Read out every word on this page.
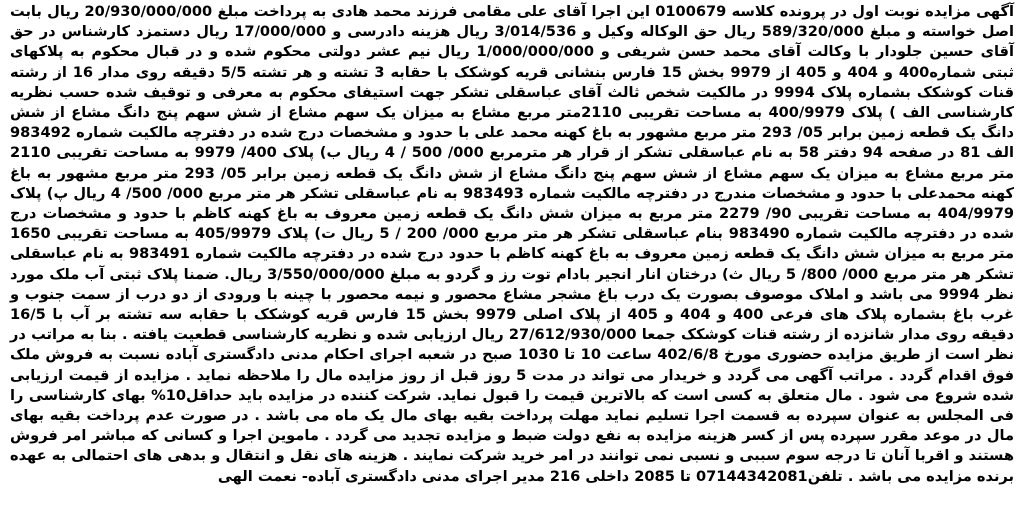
آگهی مزایده نوبت اول در پرونده کلاسه 0100679 این اجرا آقای علی مقامی فرزند محمد هادی به پرداخت مبلغ 20/930/000/000 ریال بابت اصل خواسته و مبلغ 589/320/000 ریال حق الوکاله وکیل و 3/014/536 ریال هزینه دادرسی و 17/000/000 ریال دستمزد کارشناس در حق آقای حسین جلودار با وکالت آقای محمد حسن شریفی و 1/000/000/000 ریال نیم عشر دولتی محکوم شده و در قبال محکوم به پلاکهای ثبتی شماره400 و 404 و 405 از 9979 بخش 15 فارس بنشانی قریه کوشکک با حقابه 3 تشته و هر تشته 5/5 دقیقه روی مدار 16 از رشته قنات کوشکک بشماره پلاک 9994 در مالکیت شخص ثالث آقای عباسقلی تشکر جهت استیفای محکوم به معرفی و توقیف شده حسب نظریه کارشناسی الف ) پلاک 400/9979 به مساحت تقریبی 2110متر مربع مشاع به میزان یک سهم مشاع از شش سهم پنج دانگ مشاع از شش دانگ یک قطعه زمین برابر 05/ 293 متر مربع مشهور به باغ کهنه محمد علی با حدود و مشخصات درج شده در دفترچه مالکیت شماره 983492 الف 81 در صفحه 94 دفتر 58 به نام عباسقلی تشکر از قرار هر مترمربع 000/ 500 / 4 ریال ب) پلاک 400/ 9979 به مساحت تقریبی 2110 متر مربع مشاع به میزان یک سهم مشاع از شش سهم پنج دانگ مشاع از شش دانگ یک قطعه زمین برابر 05/ 293 متر مربع مشهور به باغ کهنه محمدعلی با حدود و مشخصات مندرج در دفترچه مالکیت شماره 983493 به نام عباسقلی تشکر هر متر مربع 000/ 500/ 4 ریال پ) پلاک 404/9979 به مساحت تقریبی 90/ 2279 متر مربع به میزان شش دانگ یک قطعه زمین معروف به باغ کهنه کاظم با حدود و مشخصات درج شده در دفترچه مالکیت شماره 983490 بنام عباسقلی تشکر هر متر مربع 000/ 200 / 5 ریال ت) پلاک 405/9979 به مساحت تقریبی 1650 متر مربع به میزان شش دانگ یک قطعه زمین معروف به باغ کهنه کاظم با حدود درج شده در دفترچه مالکیت شماره 983491 به نام عباسقلی تشکر هر متر مربع 000/ 800/ 5 ریال ث) درختان انار انجیر بادام توت رز و گردو به مبلغ 3/550/000/000 ریال. ضمنا پلاک ثبتی آب ملک مورد نظر 9994 می باشد و املاک موصوف بصورت یک درب باغ مشجر مشاع محصور و نیمه محصور با چینه با ورودی از دو درب از سمت جنوب و غرب باغ بشماره پلاک های فرعی 400 و 404 و 405 از پلاک اصلی 9979 بخش 15 فارس قریه کوشکک با حقابه سه تشته بر آب با 16/5 دقیقه روی مدار شانزده از رشته قنات کوشکک جمعا 27/612/930/000 ریال ارزیابی شده و نظریه کارشناسی قطعیت یافته . بنا به مراتب در نظر است از طریق مزایده حضوری مورخ 402/6/8 ساعت 10 تا 1030 صبح در شعبه اجرای احکام مدنی دادگستری آباده نسبت به فروش ملک فوق اقدام گردد . مراتب آگهی می گردد و خریدار می تواند در مدت 5 روز قبل از روز مزایده مال را ملاحظه نماید . مزایده از قیمت ارزیابی شده شروع می شود . مال متعلق به کسی است که بالاترین قیمت را قبول نماید. شرکت کننده در مزایده باید حداقل10% بهای کارشناسی را فی المجلس به عنوان سپرده به قسمت اجرا تسلیم نماید مهلت پرداخت بقیه بهای مال یک ماه می باشد . در صورت عدم پرداخت بقیه بهای مال در موعد مقرر سپرده پس از کسر هزینه مزایده به نفع دولت ضبط و مزایده تجدید می گردد . ماموین اجرا و کسانی که مباشر امر فروش هستند و اقربا آنان تا درجه سوم سببی و نسبی نمی توانند در امر خرید شرکت نمایند . هزینه های نقل و انتقال و بدهی های احتمالی به عهده برنده مزایده می باشد . تلفن07144342081 تا 2085 داخلی 216 مدیر اجرای مدنی دادگستری آباده- نعمت الهی
